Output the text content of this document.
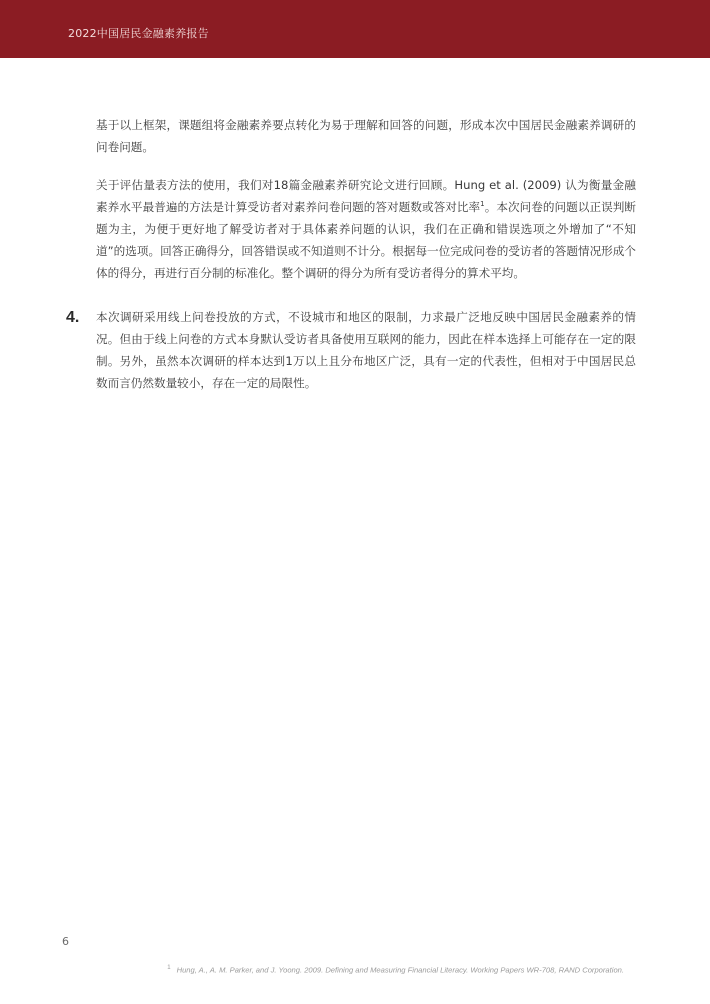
2022中国居民金融素养报告

基于以上框架，课题组将金融素养要点转化为易于理解和回答的问题，形成本次中国居民金融素养调研的问卷问题。

关于评估量表方法的使用，我们对18篇金融素养研究论文进行回顾。Hung et al. (2009) 认为衡量金融素养水平最普遍的方法是计算受访者对素养问卷问题的答对题数或答对比率$^1$。本次问卷的问题以正误判断题为主，为便于更好地了解受访者对于具体素养问题的认识，我们在正确和错误选项之外增加了“不知道”的选项。回答正确得分，回答错误或不知道则不计分。根据每一位完成问卷的受访者的答题情况形成个体的得分，再进行百分制的标准化。整个调研的得分为所有受访者得分的算术平均。

4. 本次调研采用线上问卷投放的方式，不设城市和地区的限制，力求最广泛地反映中国居民金融素养的情况。但由于线上问卷的方式本身默认受访者具备使用互联网的能力，因此在样本选择上可能存在一定的限制。另外，虽然本次调研的样本达到1万以上且分布地区广泛，具有一定的代表性，但相对于中国居民总数而言仍然数量较小，存在一定的局限性。

6
$^1$ Hung, A., A. M. Parker, and J. Yoong. 2009. Defining and Measuring Financial Literacy. Working Papers WR-708, RAND Corporation.
